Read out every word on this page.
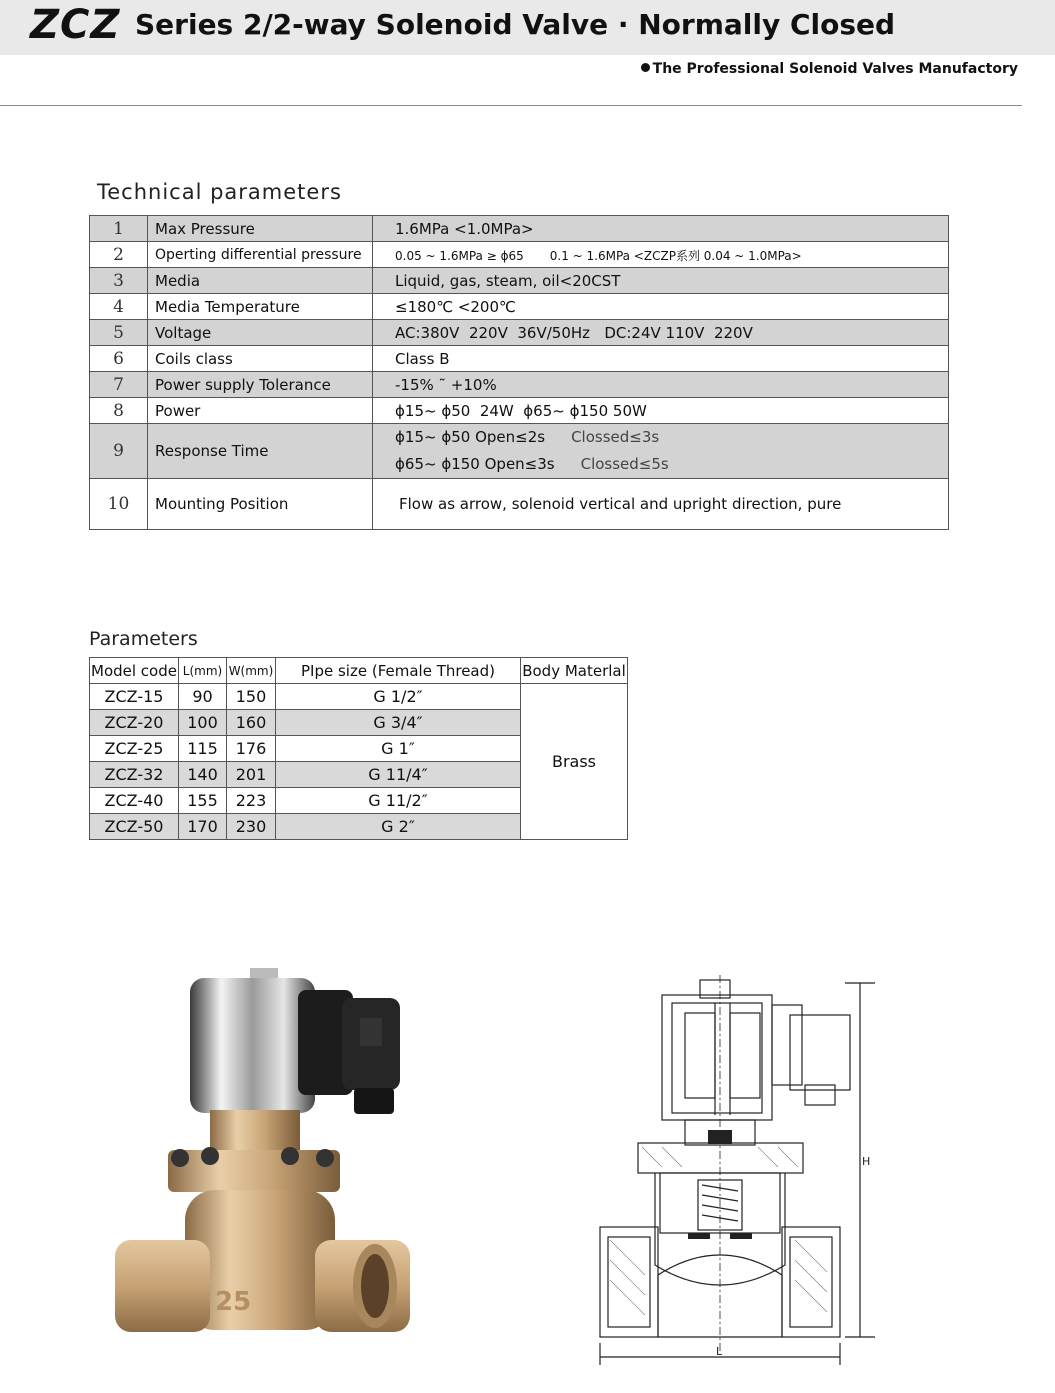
ZCZ Series 2/2-way Solenoid Valve · Normally Closed
The Professional Solenoid Valves Manufactory
Technical parameters
1	Max Pressure	1.6MPa <1.0MPa>
2	Operting differential pressure	0.05 ~ 1.6MPa ≥ ϕ65 0.1 ~ 1.6MPa <ZCZP系列 0.04 ~ 1.0MPa>
3	Media	Liquid, gas, steam, oil<20CST
4	Media Temperature	≤180℃ <200℃
5	Voltage	AC:380V  220V  36V/50Hz   DC:24V 110V  220V
6	Coils class	Class B
7	Power supply Tolerance	-15% ˜ +10%
8	Power	ϕ15~ ϕ50  24W  ϕ65~ ϕ150 50W
9	Response Time	ϕ15~ ϕ50 Open≤2s Clossed≤3s
ϕ65~ ϕ150 Open≤3s Clossed≤5s

10	Mounting Position	Flow as arrow, solenoid vertical and upright direction, pure
Parameters
Model code	L(mm)	W(mm)	PIpe size (Female Thread)	Body Materlal
ZCZ-15	90	150	G 1/2″	Brass
ZCZ-20	100	160	G 3/4″	
ZCZ-25	115	176	G 1″	
ZCZ-32	140	201	G 11/4″	
ZCZ-40	155	223	G 11/2″	
ZCZ-50	170	230	G 2″	
25
H
L
